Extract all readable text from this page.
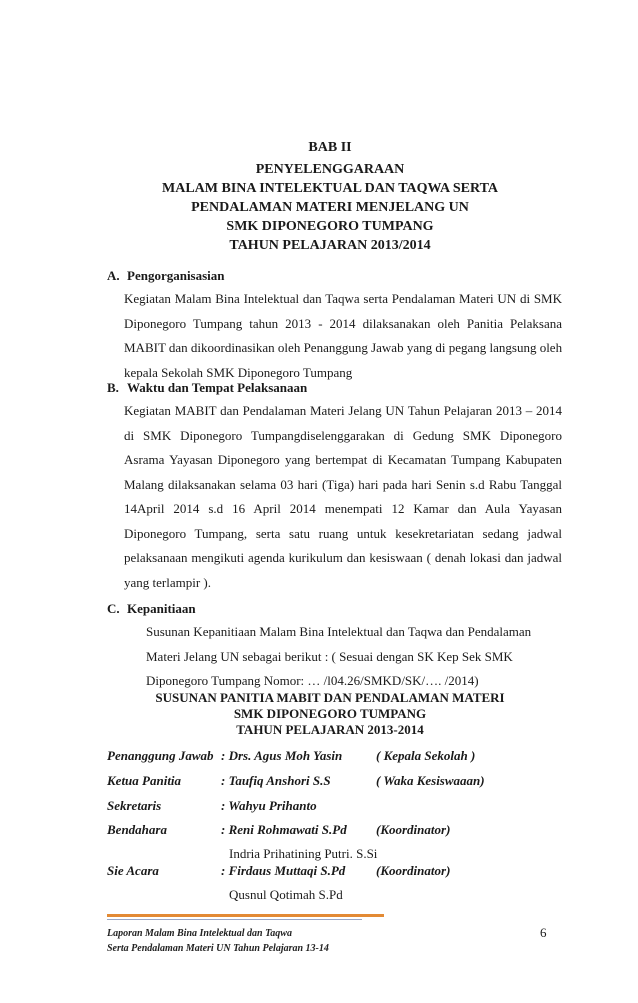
BAB II
PENYELENGGARAAN
MALAM BINA INTELEKTUAL DAN TAQWA SERTA
PENDALAMAN MATERI MENJELANG UN
SMK DIPONEGORO TUMPANG
TAHUN PELAJARAN 2013/2014
A. Pengorganisasian
Kegiatan Malam Bina Intelektual dan Taqwa serta Pendalaman Materi UN di SMK
Diponegoro Tumpang tahun 2013 - 2014 dilaksanakan oleh Panitia Pelaksana
MABIT dan dikoordinasikan oleh Penanggung Jawab yang di pegang langsung oleh
kepala Sekolah SMK Diponegoro Tumpang
B. Waktu dan Tempat Pelaksanaan
Kegiatan MABIT dan Pendalaman Materi Jelang UN Tahun Pelajaran 2013 – 2014
di SMK Diponegoro Tumpangdiselenggarakan di Gedung SMK Diponegoro
Asrama Yayasan Diponegoro yang bertempat di Kecamatan Tumpang Kabupaten
Malang dilaksanakan selama 03 hari (Tiga) hari pada hari Senin s.d Rabu Tanggal
14April 2014 s.d 16 April 2014 menempati 12 Kamar dan Aula Yayasan
Diponegoro Tumpang, serta satu ruang untuk kesekretariatan sedang jadwal
pelaksanaan mengikuti agenda kurikulum dan kesiswaan ( denah lokasi dan jadwal
yang terlampir ).
C. Kepanitiaan
Susunan Kepanitiaan Malam Bina Intelektual dan Taqwa dan Pendalaman
Materi Jelang UN sebagai berikut : ( Sesuai dengan SK Kep Sek SMK
Diponegoro Tumpang Nomor: … /l04.26/SMKD/SK/…. /2014)
SUSUNAN PANITIA MABIT DAN PENDALAMAN MATERI
SMK DIPONEGORO TUMPANG
TAHUN PELAJARAN 2013-2014
Penanggung Jawab : Drs. Agus Moh Yasin	( Kepala Sekolah )
Ketua Panitia	: Taufiq Anshori S.S	( Waka Kesiswaaan)
Sekretaris	: Wahyu Prihanto
Bendahara	: Reni Rohmawati S.Pd (Koordinator)
Indria Prihatining Putri. S.Si
Sie Acara	: Firdaus Muttaqi S.Pd (Koordinator)
Qusnul Qotimah S.Pd
Laporan Malam Bina Intelektual dan Taqwa
Serta Pendalaman Materi UN Tahun Pelajaran 13-14
6
